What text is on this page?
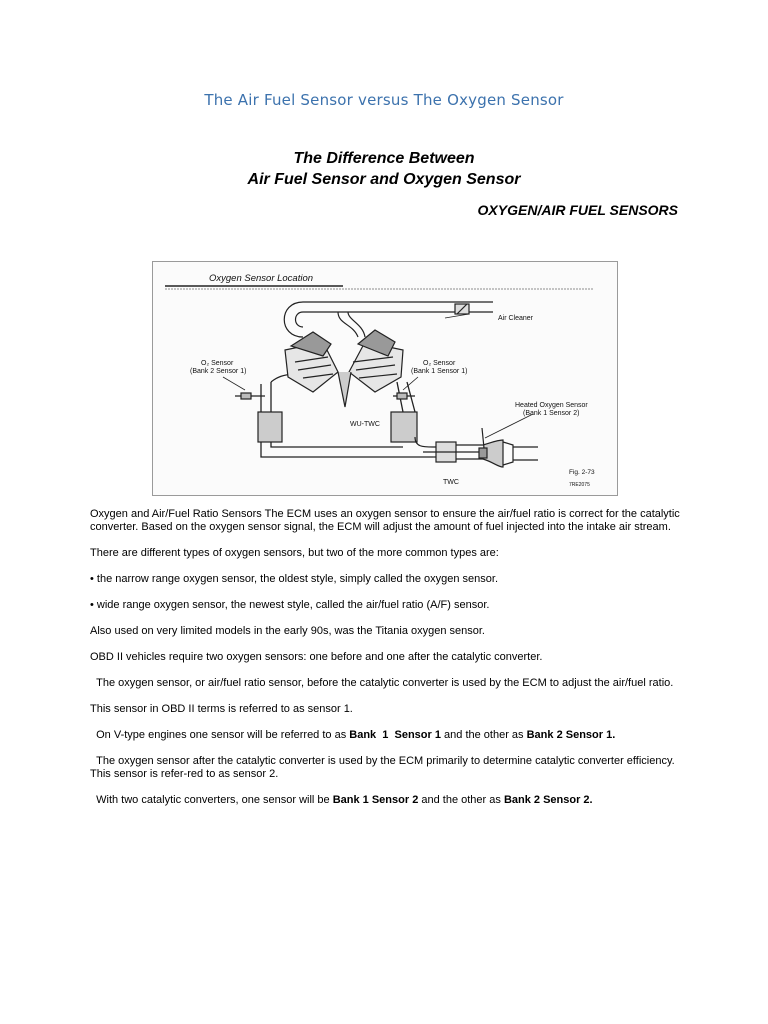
The Air Fuel Sensor versus The Oxygen Sensor
The Difference Between
Air Fuel Sensor and Oxygen Sensor
OXYGEN/AIR FUEL SENSORS
Oxygen Sensor Location
Air Cleaner
O₂ Sensor
(Bank 2 Sensor 1)
O₂ Sensor
(Bank 1 Sensor 1)
Heated Oxygen Sensor
(Bank 1 Sensor 2)
WU-TWC
TWC
Fig. 2-73
7RE2075

Oxygen and Air/Fuel Ratio Sensors The ECM uses an oxygen sensor to ensure the air/fuel ratio is correct for the catalytic converter. Based on the oxygen sensor signal, the ECM will adjust the amount of fuel injected into the intake air stream.

There are different types of oxygen sensors, but two of the more common types are:

• the narrow range oxygen sensor, the oldest style, simply called the oxygen sensor.

• wide range oxygen sensor, the newest style, called the air/fuel ratio (A/F) sensor.

Also used on very limited models in the early 90s, was the Titania oxygen sensor.

OBD II vehicles require two oxygen sensors: one before and one after the catalytic converter.

The oxygen sensor, or air/fuel ratio sensor, before the catalytic converter is used by the ECM to adjust the air/fuel ratio.

This sensor in OBD II terms is referred to as sensor 1.

On V-type engines one sensor will be referred to as Bank  1  Sensor 1 and the other as Bank 2 Sensor 1.

The oxygen sensor after the catalytic converter is used by the ECM primarily to determine catalytic converter efficiency. This sensor is refer-red to as sensor 2.

With two catalytic converters, one sensor will be Bank 1 Sensor 2 and the other as Bank 2 Sensor 2.
